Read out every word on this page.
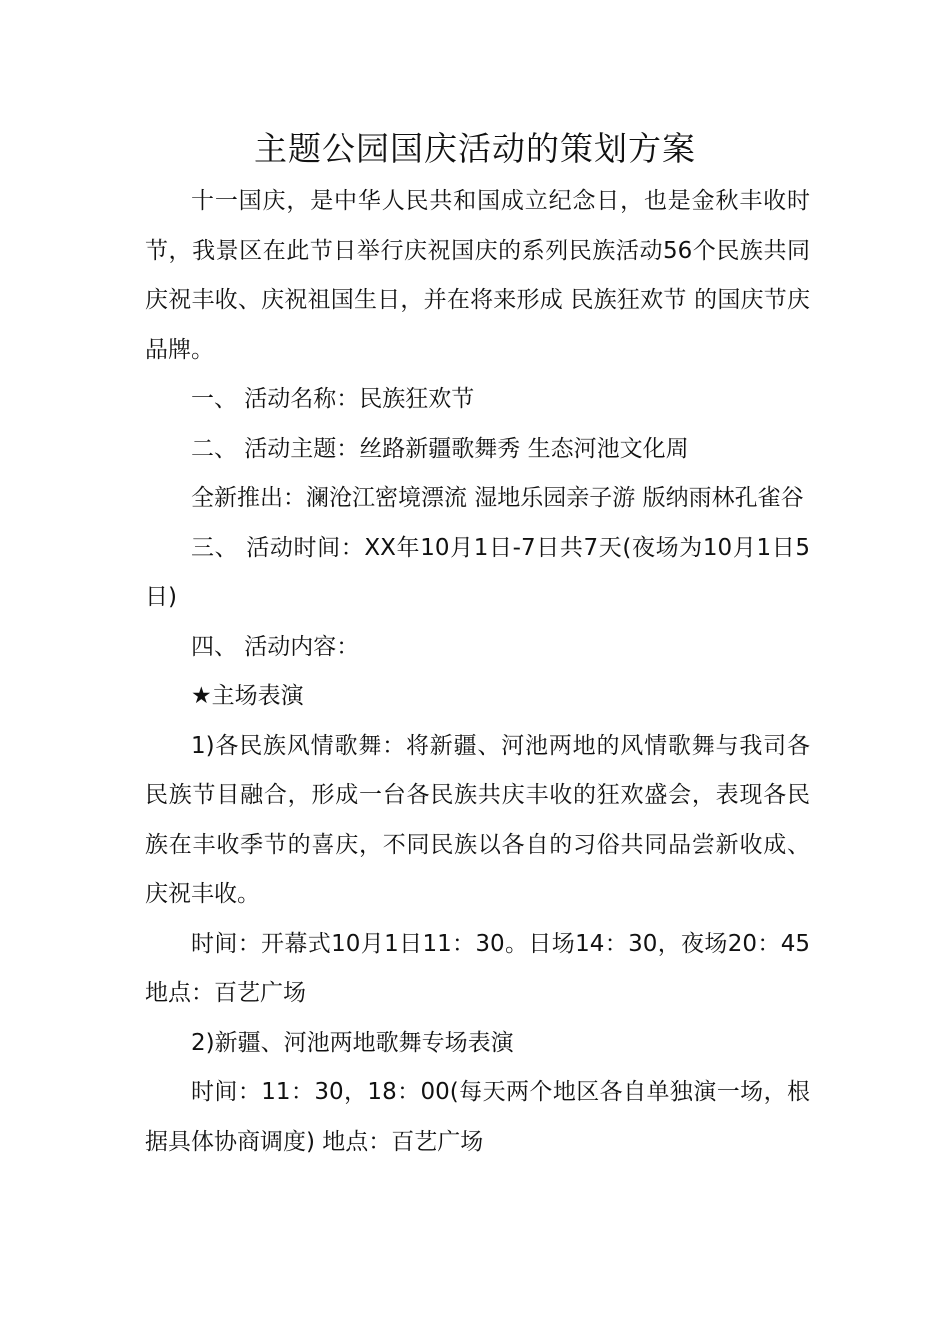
主题公园国庆活动的策划方案

十一国庆，是中华人民共和国成立纪念日，也是金秋丰收时节，我景区在此节日举行庆祝国庆的系列民族活动56个民族共同庆祝丰收、庆祝祖国生日，并在将来形成 民族狂欢节 的国庆节庆品牌。

一、 活动名称：民族狂欢节

二、 活动主题：丝路新疆歌舞秀 生态河池文化周

全新推出：澜沧江密境漂流 湿地乐园亲子游 版纳雨林孔雀谷

三、 活动时间：XX年10月1日-7日共7天(夜场为10月1日5日)

四、 活动内容：

★主场表演

1)各民族风情歌舞：将新疆、河池两地的风情歌舞与我司各民族节目融合，形成一台各民族共庆丰收的狂欢盛会，表现各民族在丰收季节的喜庆，不同民族以各自的习俗共同品尝新收成、庆祝丰收。

时间：开幕式10月1日11：30。日场14：30，夜场20：45 地点：百艺广场

2)新疆、河池两地歌舞专场表演

时间：11：30，18：00(每天两个地区各自单独演一场，根据具体协商调度) 地点：百艺广场
